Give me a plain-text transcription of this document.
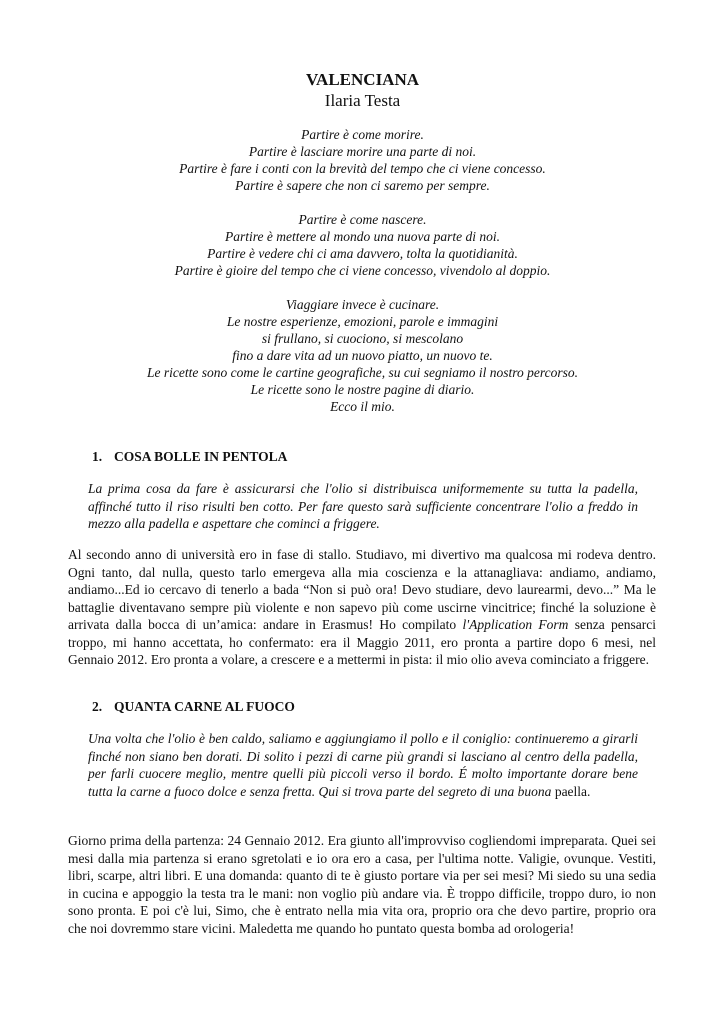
VALENCIANA
Ilaria Testa
Partire è come morire.
Partire è lasciare morire una parte di noi.
Partire è fare i conti con la brevità del tempo che ci viene concesso.
Partire è sapere che non ci saremo per sempre.
Partire è come nascere.
Partire è mettere al mondo una nuova parte di noi.
Partire è vedere chi ci ama davvero, tolta la quotidianità.
Partire è gioire del tempo che ci viene concesso, vivendolo al doppio.
Viaggiare invece è cucinare.
Le nostre esperienze, emozioni, parole e immagini
si frullano, si cuociono, si mescolano
fino a dare vita ad un nuovo piatto, un nuovo te.
Le ricette sono come le cartine geografiche, su cui segniamo il nostro percorso.
Le ricette sono le nostre pagine di diario.
Ecco il mio.
1. COSA BOLLE IN PENTOLA
La prima cosa da fare è assicurarsi che l'olio si distribuisca uniformemente su tutta la padella, affinché tutto il riso risulti ben cotto. Per fare questo sarà sufficiente concentrare l'olio a freddo in mezzo alla padella e aspettare che cominci a friggere.
Al secondo anno di università ero in fase di stallo. Studiavo, mi divertivo ma qualcosa mi rodeva dentro. Ogni tanto, dal nulla, questo tarlo emergeva alla mia coscienza e la attanagliava: andiamo, andiamo, andiamo...Ed io cercavo di tenerlo a bada “Non si può ora! Devo studiare, devo laurearmi, devo...” Ma le battaglie diventavano sempre più violente e non sapevo più come uscirne vincitrice; finché la soluzione è arrivata dalla bocca di un’amica: andare in Erasmus! Ho compilato l'Application Form senza pensarci troppo, mi hanno accettata, ho confermato: era il Maggio 2011, ero pronta a partire dopo 6 mesi, nel Gennaio 2012. Ero pronta a volare, a crescere e a mettermi in pista: il mio olio aveva cominciato a friggere.
2. QUANTA CARNE AL FUOCO
Una volta che l'olio è ben caldo, saliamo e aggiungiamo il pollo e il coniglio: continueremo a girarli finché non siano ben dorati. Di solito i pezzi di carne più grandi si lasciano al centro della padella, per farli cuocere meglio, mentre quelli più piccoli verso il bordo. É molto importante dorare bene tutta la carne a fuoco dolce e senza fretta. Qui si trova parte del segreto di una buona paella.
Giorno prima della partenza: 24 Gennaio 2012. Era giunto all'improvviso cogliendomi impreparata. Quei sei mesi dalla mia partenza si erano sgretolati e io ora ero a casa, per l'ultima notte. Valigie, ovunque. Vestiti, libri, scarpe, altri libri. E una domanda: quanto di te è giusto portare via per sei mesi? Mi siedo su una sedia in cucina e appoggio la testa tra le mani: non voglio più andare via. È troppo difficile, troppo duro, io non sono pronta. E poi c'è lui, Simo, che è entrato nella mia vita ora, proprio ora che devo partire, proprio ora che noi dovremmo stare vicini. Maledetta me quando ho puntato questa bomba ad orologeria!
